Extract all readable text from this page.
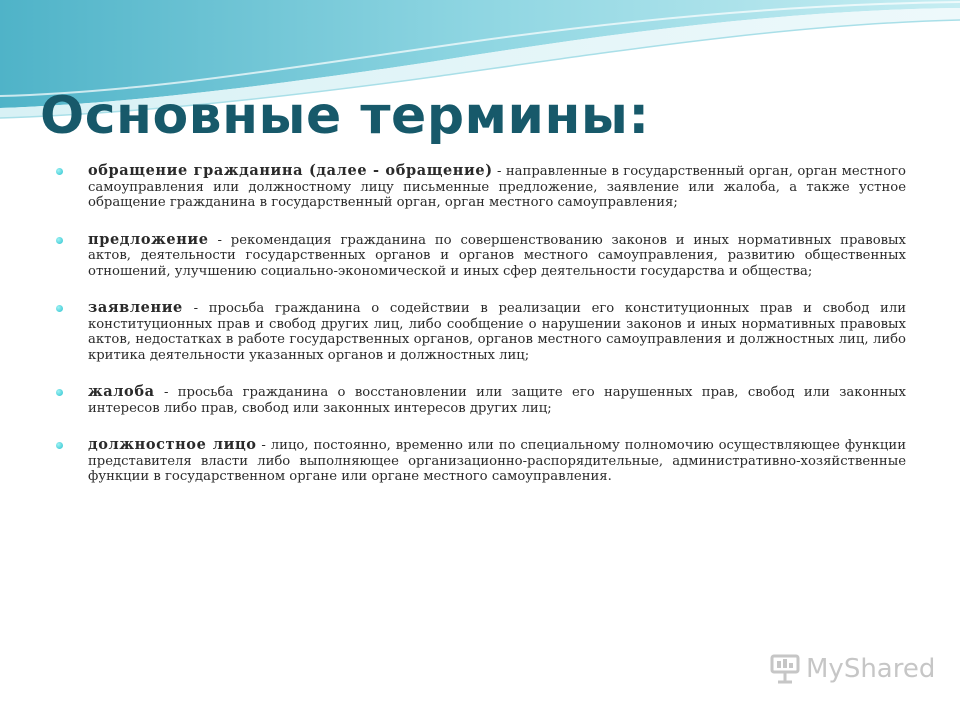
Основные термины:
обращение гражданина (далее - обращение) - направленные в государственный орган, орган местного самоуправления или должностному лицу письменные предложение, заявление или жалоба, а также устное обращение гражданина в государственный орган, орган местного самоуправления;
предложение - рекомендация гражданина по совершенствованию законов и иных нормативных правовых актов, деятельности государственных органов и органов местного самоуправления, развитию общественных отношений, улучшению социально-экономической и иных сфер деятельности государства и общества;
заявление - просьба гражданина о содействии в реализации его конституционных прав и свобод или конституционных прав и свобод других лиц, либо сообщение о нарушении законов и иных нормативных правовых актов, недостатках в работе государственных органов, органов местного самоуправления и должностных лиц, либо критика деятельности указанных органов и должностных лиц;
жалоба - просьба гражданина о восстановлении или защите его нарушенных прав, свобод или законных интересов либо прав, свобод или законных интересов других лиц;
должностное лицо - лицо, постоянно, временно или по специальному полномочию осуществляющее функции представителя власти либо выполняющее организационно-распорядительные, административно-хозяйственные функции в государственном органе или органе местного самоуправления.
MyShared
